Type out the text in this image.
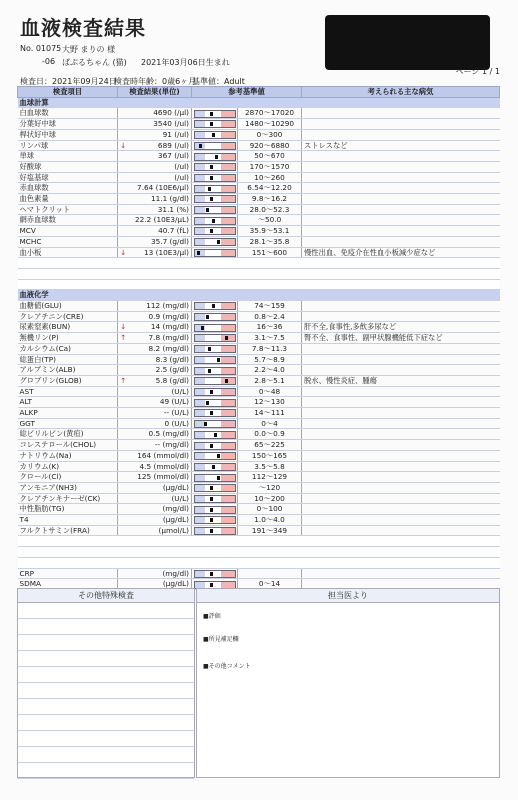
血液検査結果
No. 01075 大野 まりの 様
-06 ぱぷるちゃん (猫) 2021年03月06日生まれ
検査日：2021年09月24日
検査時年齢：0歳6ヶ月
基準値：Adult
ページ 1 / 1
検査項目	検査結果(単位)	参考基準値		考えられる主な病気
血球計算				
白血球数	4690 (/μl)		2870～17020	
分葉好中球	3540 (/ul)		1480～10290	
桿状好中球	91 (/ul)		0～300	
リンパ球	↓ 689 (/ul)		920～6880	ストレスなど
単球	367 (/ul)		50～670	
好酸球	(/ul)		170～1570	
好塩基球	(/ul)		10～260	
赤血球数	7.64 (10E6/μl)		6.54～12.20	
血色素量	11.1 (g/dl)		9.8～16.2	
ヘマトクリット	31.1 (%)		28.0～52.3	
網赤血球数	22.2 (10E3/μL)		～50.0	
MCV	40.7 (fL)		35.9～53.1	
MCHC	35.7 (g/dl)		28.1～35.8	
血小板	↓ 13 (10E3/μl)		151～600	慢性出血、免疫介在性血小板減少症など

血液化学				
血糖値(GLU)	112 (mg/dl)		74～159	
クレアチニン(CRE)	0.9 (mg/dl)		0.8～2.4	
尿素窒素(BUN)	↓ 14 (mg/dl)		16～36	肝不全,食事性,多飲多尿など
無機リン(P)	↑ 7.8 (mg/dl)		3.1～7.5	腎不全、食事性、副甲状腺機能低下症など
カルシウム(Ca)	8.2 (mg/dl)		7.8～11.3	
総蛋白(TP)	8.3 (g/dl)		5.7～8.9	
アルブミン(ALB)	2.5 (g/dl)		2.2～4.0	
グロブリン(GLOB)	↑ 5.8 (g/dl)		2.8～5.1	脱水、慢性炎症、腫瘍
AST	(U/L)		0～48	
ALT	49 (U/L)		12～130	
ALKP	-- (U/L)		14～111	
GGT	0 (U/L)		0～4	
総ビリルビン(黄疸)	0.5 (mg/dl)		0.0～0.9	
コレステロール(CHOL)	-- (mg/dl)		65～225	
ナトリウム(Na)	164 (mmol/dl)		150～165	
カリウム(K)	4.5 (mmol/dl)		3.5～5.8	
クロール(Cl)	125 (mmol/dl)		112～129	
アンモニア(NH3)	(μg/dL)		～120	
クレアチンキナーゼ(CK)	(U/L)		10～200	
中性脂肪(TG)	(mg/dl)		0～100	
T4	(μg/dL)		1.0～4.0	
フルクトサミン(FRA)	(μmol/L)		191～349	

CRP	(mg/dl)	

SDMA	(μg/dL)		0～14	
その他特殊検査	担当医より
■評価
■所見補足欄
■その他コメント
